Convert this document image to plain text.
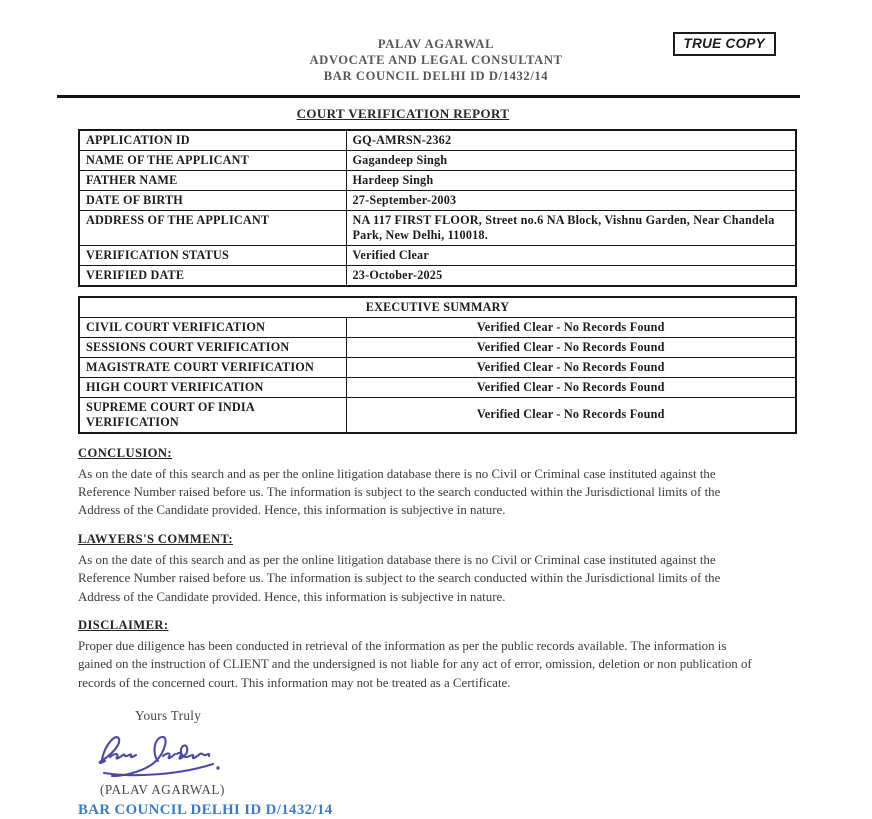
PALAV AGARWAL
ADVOCATE AND LEGAL CONSULTANT
BAR COUNCIL DELHI ID D/1432/14
TRUE COPY
COURT VERIFICATION REPORT
APPLICATION ID	GQ-AMRSN-2362
NAME OF THE APPLICANT	Gagandeep Singh
FATHER NAME	Hardeep Singh
DATE OF BIRTH	27-September-2003
ADDRESS OF THE APPLICANT	NA 117 FIRST FLOOR, Street no.6 NA Block, Vishnu Garden, Near Chandela Park, New Delhi, 110018.
VERIFICATION STATUS	Verified Clear
VERIFIED DATE	23-October-2025
EXECUTIVE SUMMARY	
CIVIL COURT VERIFICATION	Verified Clear - No Records Found
SESSIONS COURT VERIFICATION	Verified Clear - No Records Found
MAGISTRATE COURT VERIFICATION	Verified Clear - No Records Found
HIGH COURT VERIFICATION	Verified Clear - No Records Found
SUPREME COURT OF INDIA VERIFICATION	Verified Clear - No Records Found
CONCLUSION:
As on the date of this search and as per the online litigation database there is no Civil or Criminal case instituted against the Reference Number raised before us. The information is subject to the search conducted within the Jurisdictional limits of the Address of the Candidate provided. Hence, this information is subjective in nature.
LAWYERS'S COMMENT:
As on the date of this search and as per the online litigation database there is no Civil or Criminal case instituted against the Reference Number raised before us. The information is subject to the search conducted within the Jurisdictional limits of the Address of the Candidate provided. Hence, this information is subjective in nature.
DISCLAIMER:
Proper due diligence has been conducted in retrieval of the information as per the public records available. The information is gained on the instruction of CLIENT and the undersigned is not liable for any act of error, omission, deletion or non publication of records of the concerned court. This information may not be treated as a Certificate.
Yours Truly
(PALAV AGARWAL)
BAR COUNCIL DELHI ID D/1432/14
